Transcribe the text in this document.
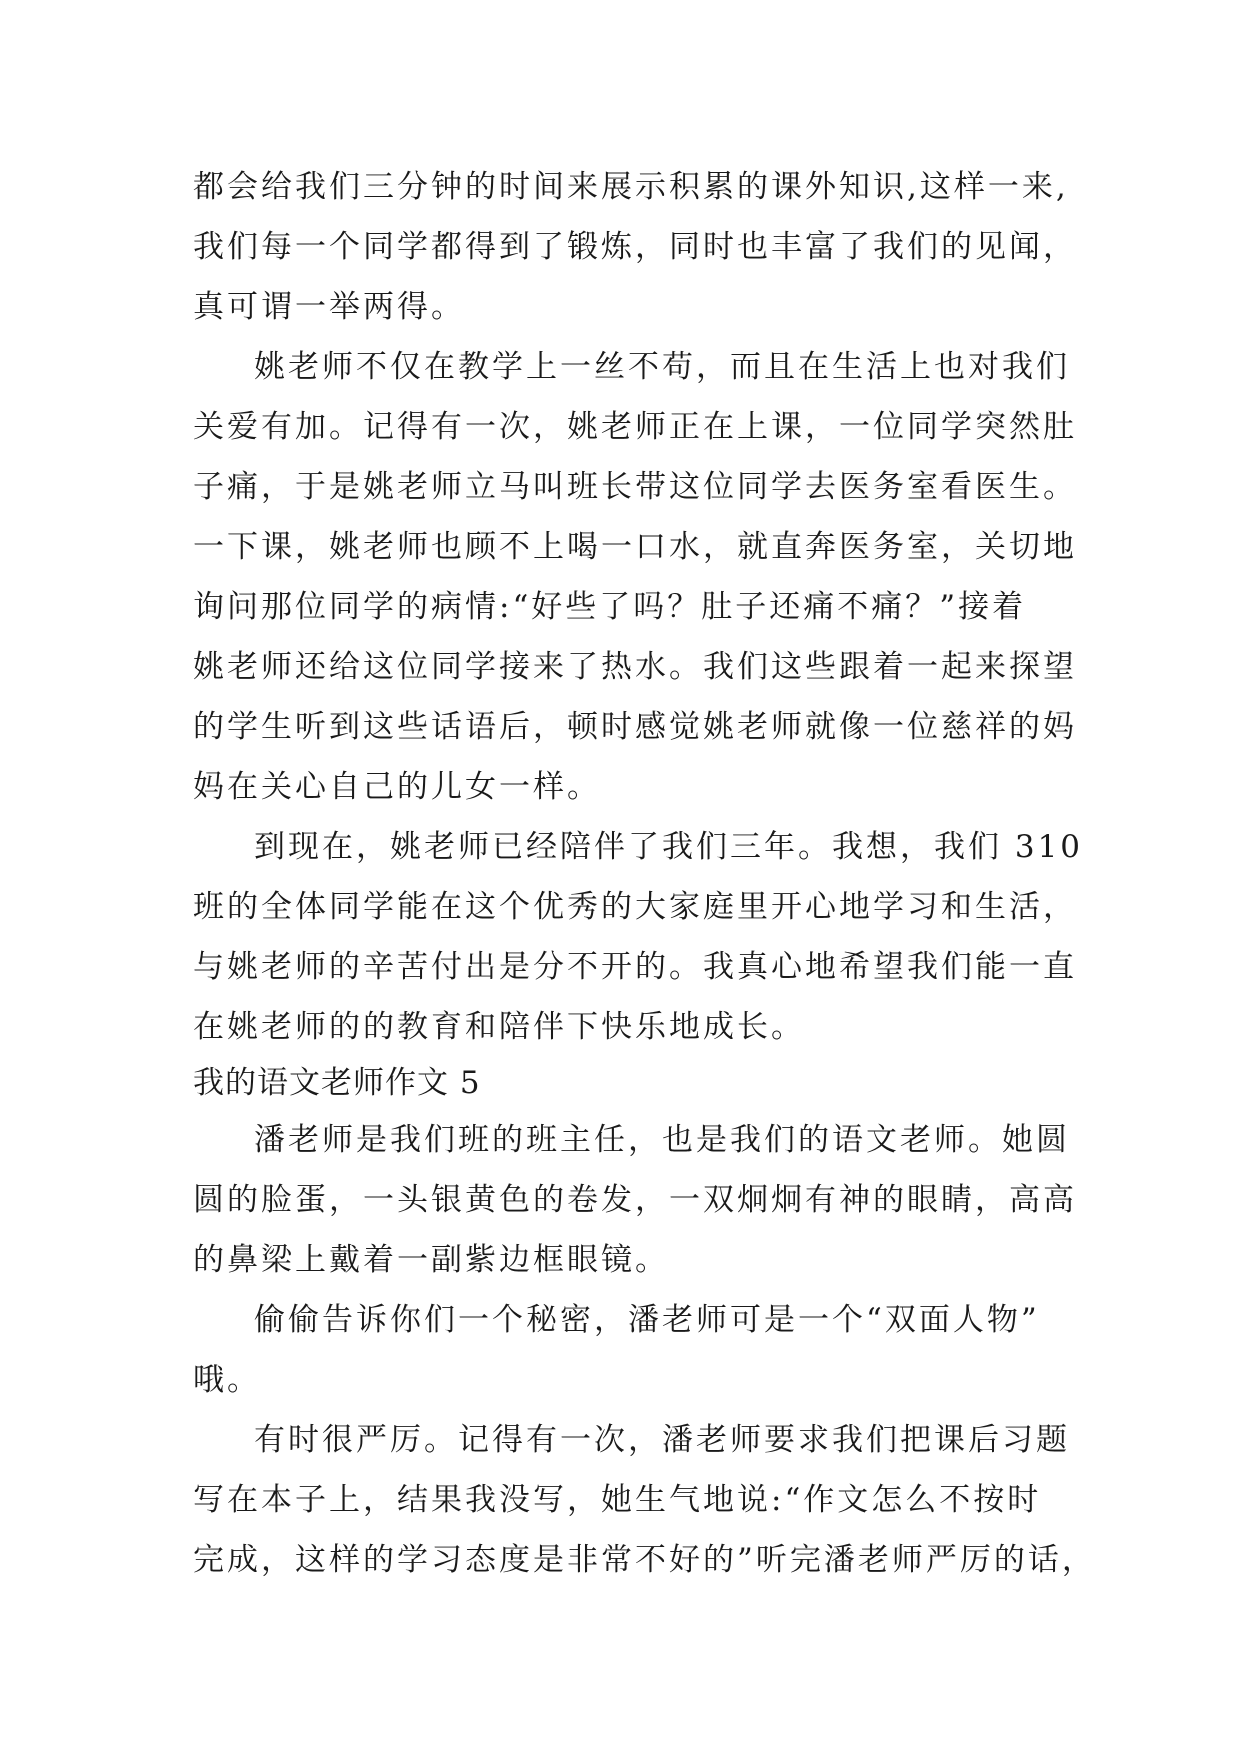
都会给我们三分钟的时间来展示积累的课外知识,这样一来,
我们每一个同学都得到了锻炼，同时也丰富了我们的见闻，
真可谓一举两得。
姚老师不仅在教学上一丝不苟，而且在生活上也对我们
关爱有加。记得有一次，姚老师正在上课，一位同学突然肚
子痛，于是姚老师立马叫班长带这位同学去医务室看医生。
一下课，姚老师也顾不上喝一口水，就直奔医务室，关切地
询问那位同学的病情:“好些了吗？肚子还痛不痛？”接着
姚老师还给这位同学接来了热水。我们这些跟着一起来探望
的学生听到这些话语后，顿时感觉姚老师就像一位慈祥的妈
妈在关心自己的儿女一样。
到现在，姚老师已经陪伴了我们三年。我想，我们 310
班的全体同学能在这个优秀的大家庭里开心地学习和生活，
与姚老师的辛苦付出是分不开的。我真心地希望我们能一直
在姚老师的的教育和陪伴下快乐地成长。
我的语文老师作文 5
潘老师是我们班的班主任，也是我们的语文老师。她圆
圆的脸蛋，一头银黄色的卷发，一双炯炯有神的眼睛，高高
的鼻梁上戴着一副紫边框眼镜。
偷偷告诉你们一个秘密，潘老师可是一个“双面人物”
哦。
有时很严厉。记得有一次，潘老师要求我们把课后习题
写在本子上，结果我没写，她生气地说:“作文怎么不按时
完成，这样的学习态度是非常不好的”听完潘老师严厉的话，
